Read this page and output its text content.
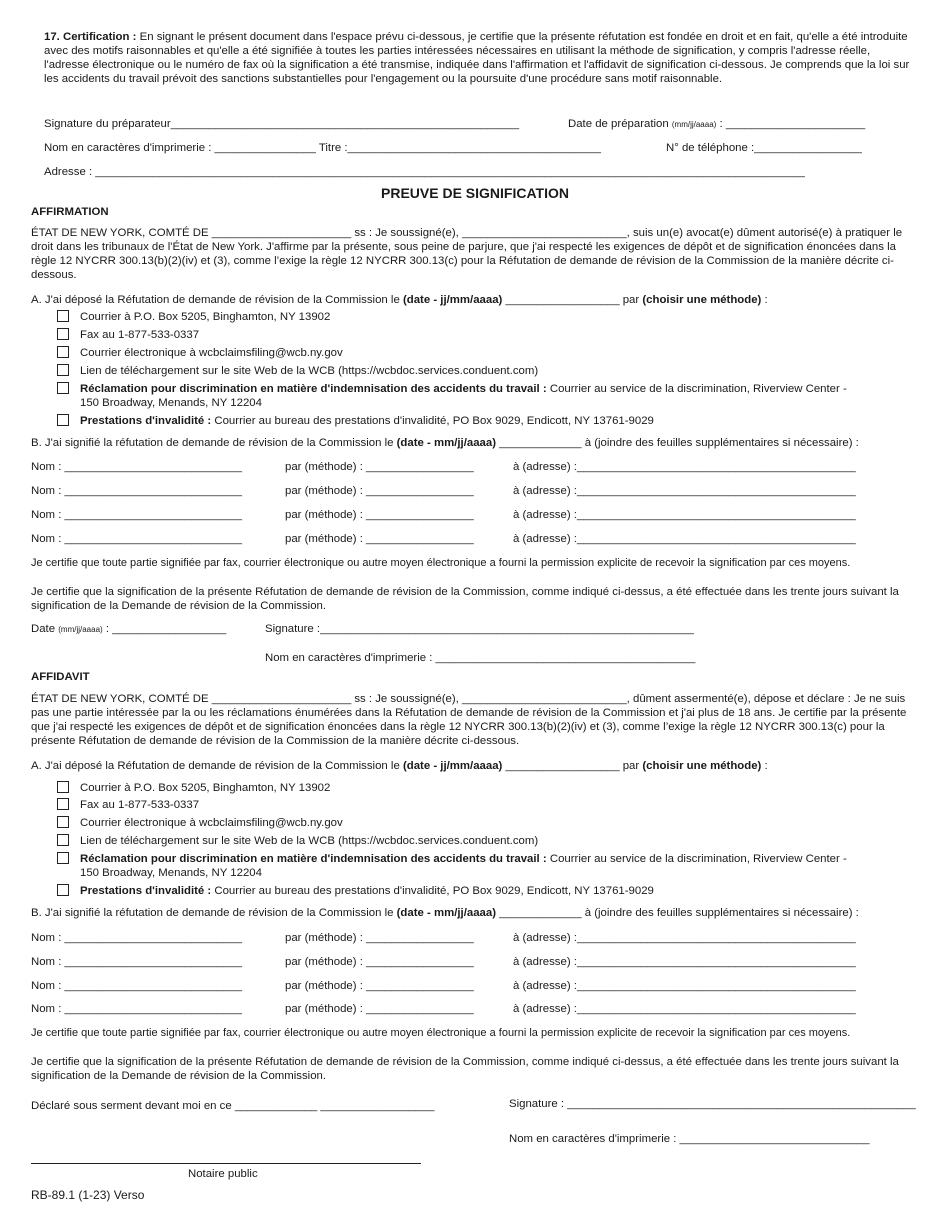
17. Certification : En signant le présent document dans l'espace prévu ci-dessous, je certifie que la présente réfutation est fondée en droit et en fait, qu'elle a été introduite avec des motifs raisonnables et qu'elle a été signifiée à toutes les parties intéressées nécessaires en utilisant la méthode de signification, y compris l'adresse réelle, l'adresse électronique ou le numéro de fax où la signification a été transmise, indiquée dans l'affirmation et l'affidavit de signification ci-dessous. Je comprends que la loi sur les accidents du travail prévoit des sanctions substantielles pour l'engagement ou la poursuite d'une procédure sans motif raisonnable.
Signature du préparateur_______________________________________________________	Date de préparation (mm/jj/aaaa) : ______________________
Nom en caractères d'imprimerie : ________________ Titre :________________________________________	N° de téléphone :_________________
Adresse : ________________________________________________________________________________________________________________
PREUVE DE SIGNIFICATION
AFFIRMATION
ÉTAT DE NEW YORK, COMTÉ DE ______________________ ss : Je soussigné(e), __________________________, suis un(e) avocat(e) dûment autorisé(e) à pratiquer le droit dans les tribunaux de l'État de New York. J'affirme par la présente, sous peine de parjure, que j'ai respecté les exigences de dépôt et de signification énoncées dans la règle 12 NYCRR 300.13(b)(2)(iv) et (3), comme l’exige la règle 12 NYCRR 300.13(c) pour la Réfutation de demande de révision de la Commission de la manière décrite ci-dessous.
A. J'ai déposé la Réfutation de demande de révision de la Commission le (date - jj/mm/aaaa) __________________ par (choisir une méthode) :
Courrier à P.O. Box 5205, Binghamton, NY 13902
Fax au 1-877-533-0337
Courrier électronique à wcbclaimsfiling@wcb.ny.gov
Lien de téléchargement sur le site Web de la WCB (https://wcbdoc.services.conduent.com)
Réclamation pour discrimination en matière d'indemnisation des accidents du travail : Courrier au service de la discrimination, Riverview Center -
150 Broadway, Menands, NY 12204
Prestations d'invalidité : Courrier au bureau des prestations d'invalidité, PO Box 9029, Endicott, NY 13761-9029
B. J'ai signifié la réfutation de demande de révision de la Commission le (date - mm/jj/aaaa) _____________ à (joindre des feuilles supplémentaires si nécessaire) :
Nom : ____________________________	par (méthode) : _________________	à (adresse) :____________________________________________
Nom : ____________________________	par (méthode) : _________________	à (adresse) :____________________________________________
Nom : ____________________________	par (méthode) : _________________	à (adresse) :____________________________________________
Nom : ____________________________	par (méthode) : _________________	à (adresse) :____________________________________________
Je certifie que toute partie signifiée par fax, courrier électronique ou autre moyen électronique a fourni la permission explicite de recevoir la signification par ces moyens.
Je certifie que la signification de la présente Réfutation de demande de révision de la Commission, comme indiqué ci-dessus, a été effectuée dans les trente jours suivant la signification de la Demande de révision de la Commission.
Date (mm/jj/aaaa) : __________________	Signature :___________________________________________________________
Nom en caractères d'imprimerie : _________________________________________
AFFIDAVIT
ÉTAT DE NEW YORK, COMTÉ DE ______________________ ss : Je soussigné(e), __________________________, dûment assermenté(e), dépose et déclare : Je ne suis pas une partie intéressée par la ou les réclamations énumérées dans la Réfutation de demande de révision de la Commission et j'ai plus de 18 ans. Je certifie par la présente que j'ai respecté les exigences de dépôt et de signification énoncées dans la règle 12 NYCRR 300.13(b)(2)(iv) et (3), comme l’exige la règle 12 NYCRR 300.13(c) pour la présente Réfutation de demande de révision de la Commission de la manière décrite ci-dessous.
A. J'ai déposé la Réfutation de demande de révision de la Commission le (date - jj/mm/aaaa) __________________ par (choisir une méthode) :
Courrier à P.O. Box 5205, Binghamton, NY 13902
Fax au 1-877-533-0337
Courrier électronique à wcbclaimsfiling@wcb.ny.gov
Lien de téléchargement sur le site Web de la WCB (https://wcbdoc.services.conduent.com)
Réclamation pour discrimination en matière d'indemnisation des accidents du travail : Courrier au service de la discrimination, Riverview Center -
150 Broadway, Menands, NY 12204
Prestations d'invalidité : Courrier au bureau des prestations d'invalidité, PO Box 9029, Endicott, NY 13761-9029
B. J'ai signifié la réfutation de demande de révision de la Commission le (date - mm/jj/aaaa) _____________ à (joindre des feuilles supplémentaires si nécessaire) :
Nom : ____________________________	par (méthode) : _________________	à (adresse) :____________________________________________
Nom : ____________________________	par (méthode) : _________________	à (adresse) :____________________________________________
Nom : ____________________________	par (méthode) : _________________	à (adresse) :____________________________________________
Nom : ____________________________	par (méthode) : _________________	à (adresse) :____________________________________________
Je certifie que toute partie signifiée par fax, courrier électronique ou autre moyen électronique a fourni la permission explicite de recevoir la signification par ces moyens.
Je certifie que la signification de la présente Réfutation de demande de révision de la Commission, comme indiqué ci-dessus, a été effectuée dans les trente jours suivant la signification de la Demande de révision de la Commission.
Déclaré sous serment devant moi en ce _____________ __________________	Signature : _______________________________________________________
Nom en caractères d'imprimerie : ______________________________
Notaire public
RB-89.1 (1-23) Verso
